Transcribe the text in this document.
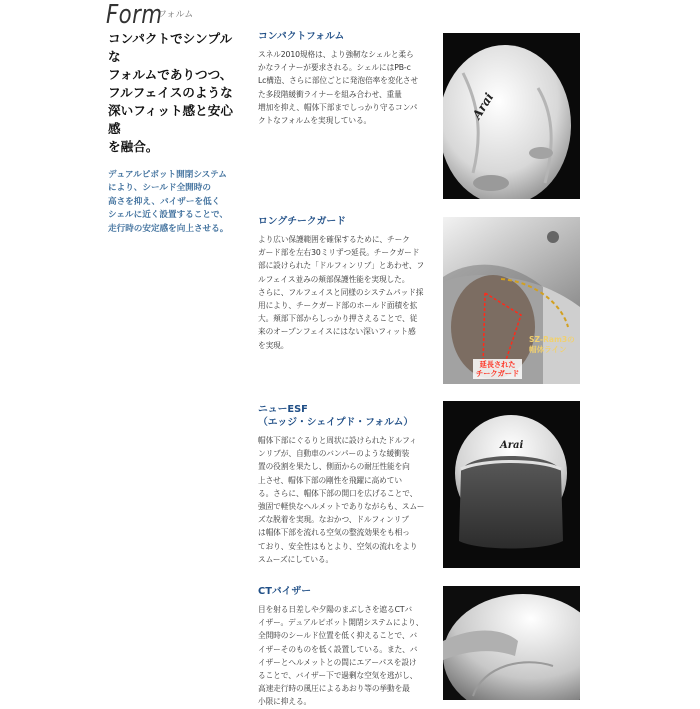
Form
フォルム
コンパクトでシンプルな
フォルムでありつつ、
フルフェイスのような
深いフィット感と安心感
を融合。
デュアルピボット開閉システム
により、シールド全開時の
高さを抑え、バイザーを低く
シェルに近く設置することで、
走行時の安定感を向上させる。
コンパクトフォルム
スネル2010規格は、より強靭なシェルと柔ら
かなライナーが要求される。シェルにはPB-c
Lc構造、さらに部位ごとに発泡倍率を変化させ
た多段階緩衝ライナーを組み合わせ、重量
増加を抑え、帽体下部までしっかり守るコンパ
クトなフォルムを実現している。	Arai
ロングチークガード
より広い保護範囲を確保するために、チーク
ガード部を左右30ミリずつ延長。チークガード
部に設けられた「ドルフィンリブ」とあわせ、フ
ルフェイス並みの頬部保護性能を実現した。
さらに、フルフェイスと同様のシステムパッド採
用により、チークガード部のホールド面積を拡
大。頬部下部からしっかり押さえることで、従
来のオープンフェイスにはない深いフィット感
を実現。
SZ-Ram3の
帽体ライン
延長された
チークガード
ニューESF
（エッジ・シェイプド・フォルム）
帽体下部にぐるりと周状に設けられたドルフィ
ンリブが、自動車のバンパーのような緩衝装
置の役割を果たし、側面からの耐圧性能を向
上させ、帽体下部の剛性を飛躍に高めてい
る。さらに、帽体下部の開口を広げることで、
強固で軽快なヘルメットでありながらも、スムー
ズな脱着を実現。なおかつ、ドルフィンリブ
は帽体下部を流れる空気の整流効果をも相っ
ており、安全性はもとより、空気の流れをより
スムーズにしている。
Arai
CTバイザー
目を射る日差しや夕陽のまぶしさを遮るCTバ
イザー。デュアルピボット開閉システムにより、
全開時のシールド位置を低く抑えることで、バ
イザーそのものを低く設置している。また、バ
イザーとヘルメットとの間にエアーパスを設け
ることで、バイザー下で過剰な空気を逃がし、
高速走行時の風圧によるあおり等の挙動を最
小限に抑える。
